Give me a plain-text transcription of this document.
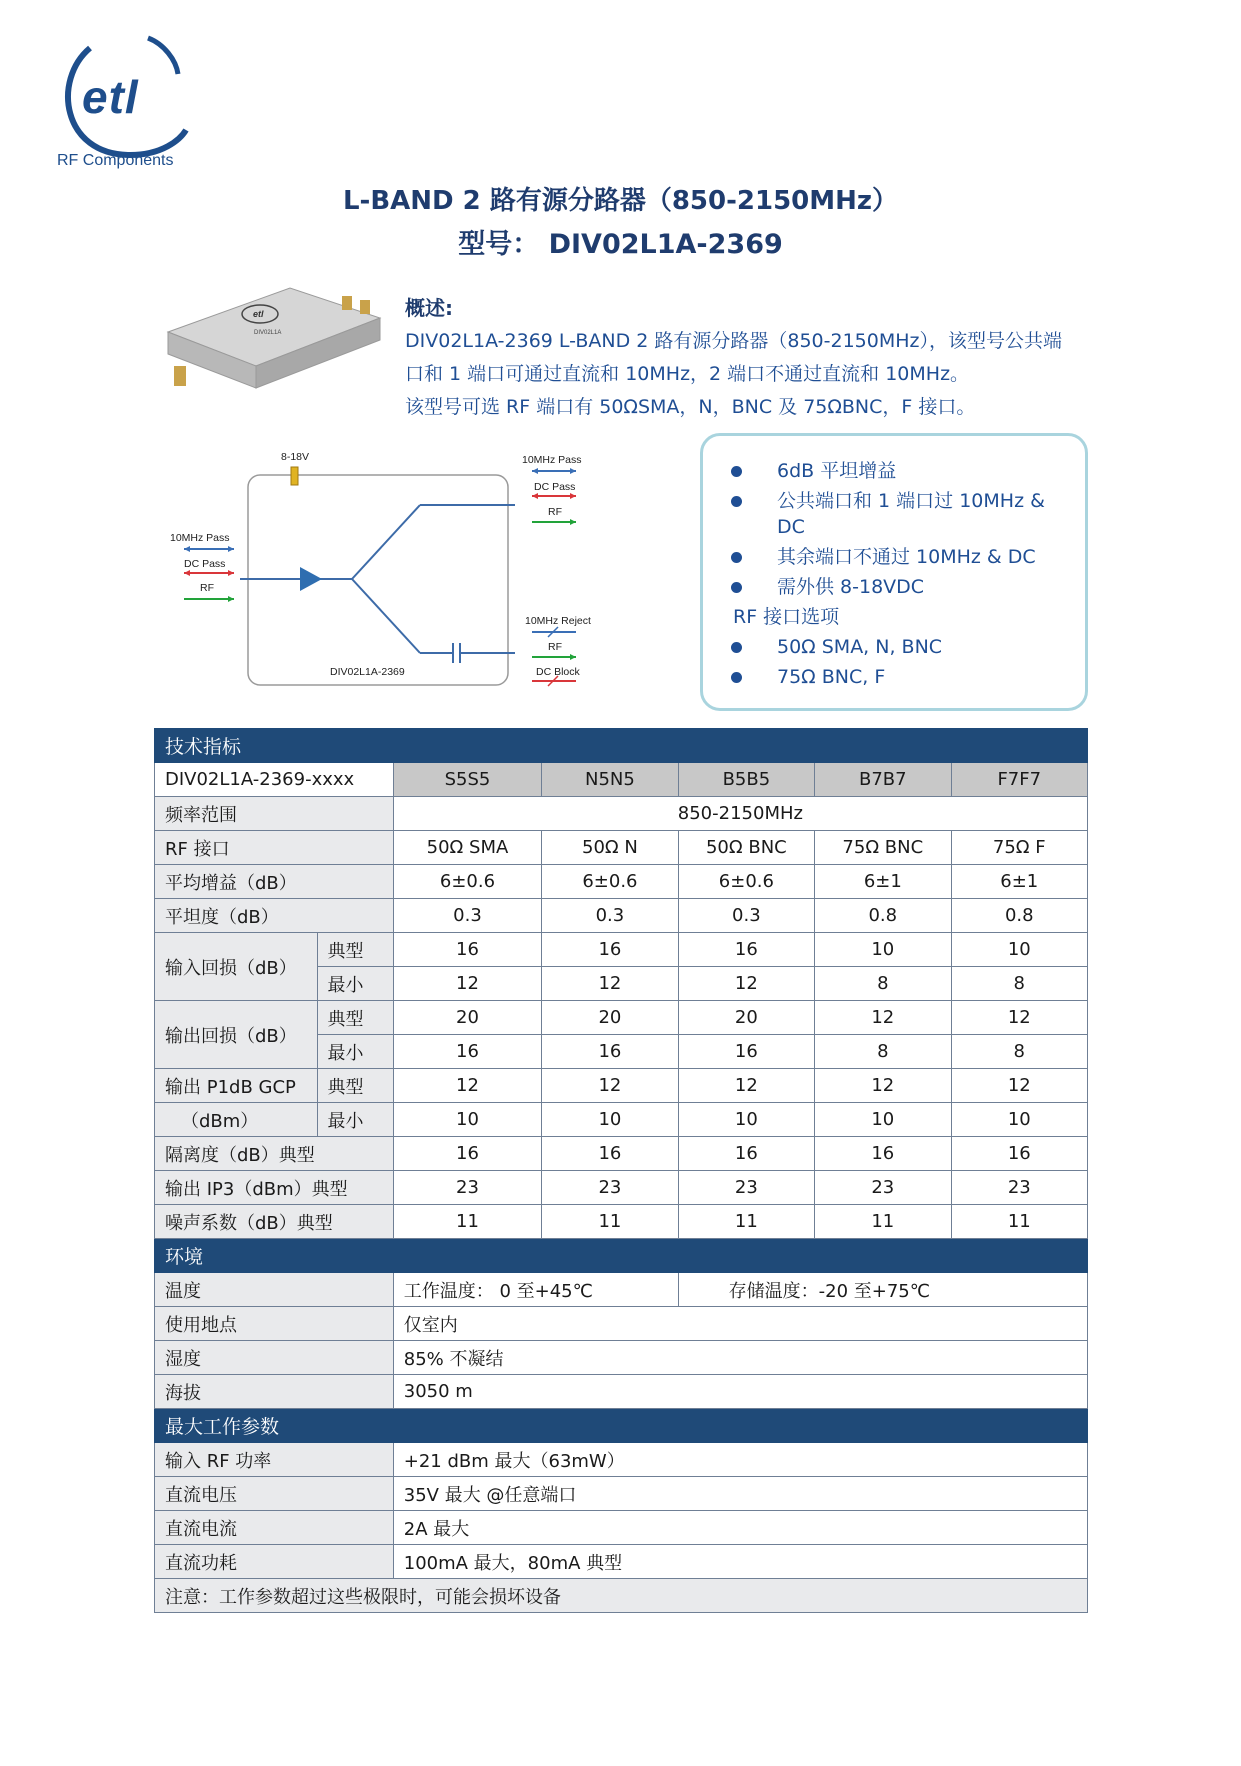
etl
RF Components
L-BAND 2 路有源分路器（850-2150MHz）
型号： DIV02L1A-2369
etl
DIV02L1A
概述:
DIV02L1A-2369 L-BAND 2 路有源分路器（850-2150MHz），该型号公共端
口和 1 端口可通过直流和 10MHz，2 端口不通过直流和 10MHz。
该型号可选 RF 端口有 50ΩSMA，N，BNC 及 75ΩBNC，F 接口。
8-18V
DIV02L1A-2369
10MHz Pass
DC Pass
RF
10MHz Pass
DC Pass
RF
10MHz Reject
RF
DC Block
6dB 平坦增益
公共端口和 1 端口过 10MHz &
DC
其余端口不通过 10MHz & DC
需外供 8-18VDC
RF 接口选项
50Ω SMA, N, BNC
75Ω BNC, F
技术指标						
DIV02L1A-2369-xxxx		S5S5	N5N5	B5B5	B7B7	F7F7
频率范围		850-2150MHz				
RF 接口		50Ω SMA	50Ω N	50Ω BNC	75Ω BNC	75Ω F
平均增益（dB）		6±0.6	6±0.6	6±0.6	6±1	6±1
平坦度（dB）		0.3	0.3	0.3	0.8	0.8
输入回损（dB）	典型	16	16	16	10	10
	最小	12	12	12	8	8
输出回损（dB）	典型	20	20	20	12	12
	最小	16	16	16	8	8
输出 P1dB GCP	典型	12	12	12	12	12
（dBm）	最小	10	10	10	10	10
隔离度（dB）典型		16	16	16	16	16
输出 IP3（dBm）典型		23	23	23	23	23
噪声系数（dB）典型		11	11	11	11	11
环境						
温度		工作温度： 0 至+45℃		存储温度：-20 至+75℃		
使用地点		仅室内				
湿度		85% 不凝结				
海拔		3050 m				
最大工作参数						
输入 RF 功率		+21 dBm 最大（63mW）				
直流电压		35V 最大 @任意端口				
直流电流		2A 最大				
直流功耗		100mA 最大，80mA 典型				
注意：工作参数超过这些极限时，可能会损坏设备						
